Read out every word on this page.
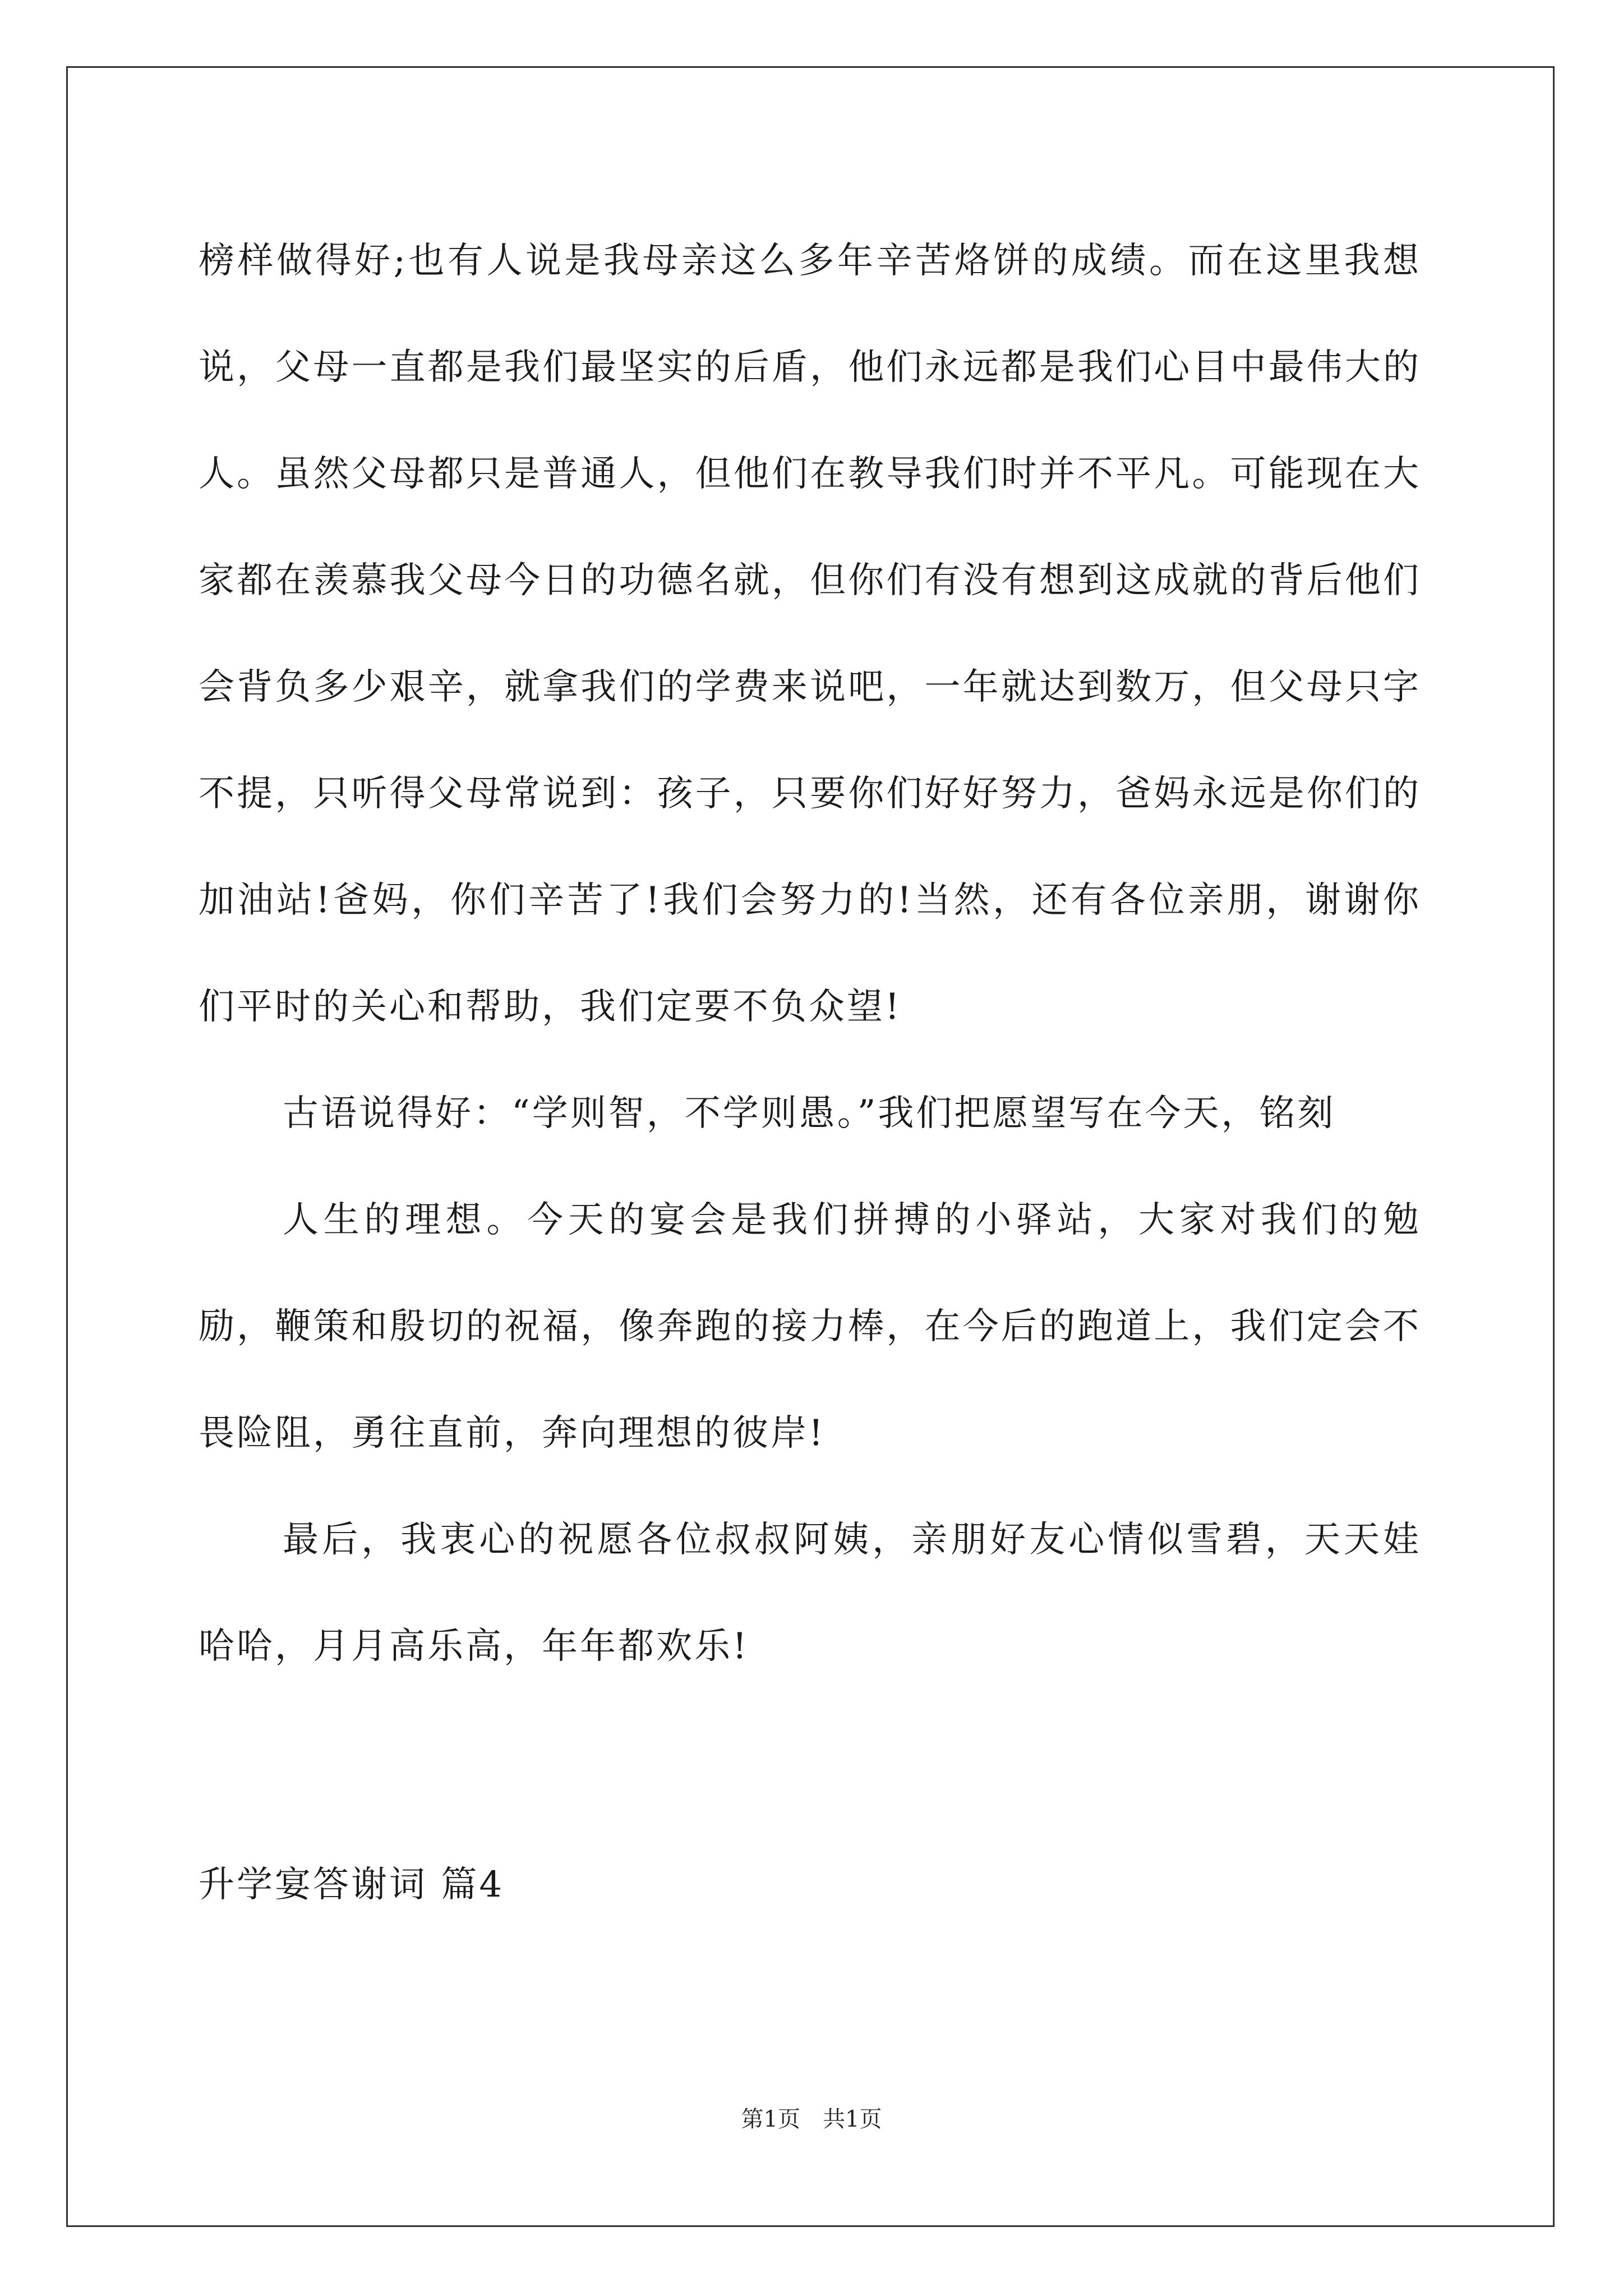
榜样做得好;也有人说是我母亲这么多年辛苦烙饼的成绩。而在这里我想说，父母一直都是我们最坚实的后盾，他们永远都是我们心目中最伟大的人。虽然父母都只是普通人，但他们在教导我们时并不平凡。可能现在大家都在羡慕我父母今日的功德名就，但你们有没有想到这成就的背后他们会背负多少艰辛，就拿我们的学费来说吧，一年就达到数万，但父母只字不提，只听得父母常说到：孩子，只要你们好好努力，爸妈永远是你们的加油站!爸妈，你们辛苦了!我们会努力的!当然，还有各位亲朋，谢谢你们平时的关心和帮助，我们定要不负众望!

古语说得好：“学则智，不学则愚。”我们把愿望写在今天，铭刻

人生的理想。今天的宴会是我们拼搏的小驿站，大家对我们的勉励，鞭策和殷切的祝福，像奔跑的接力棒，在今后的跑道上，我们定会不畏险阻，勇往直前，奔向理想的彼岸!

最后，我衷心的祝愿各位叔叔阿姨，亲朋好友心情似雪碧，天天娃哈哈，月月高乐高，年年都欢乐!

升学宴答谢词 篇4
第1页　共1页
